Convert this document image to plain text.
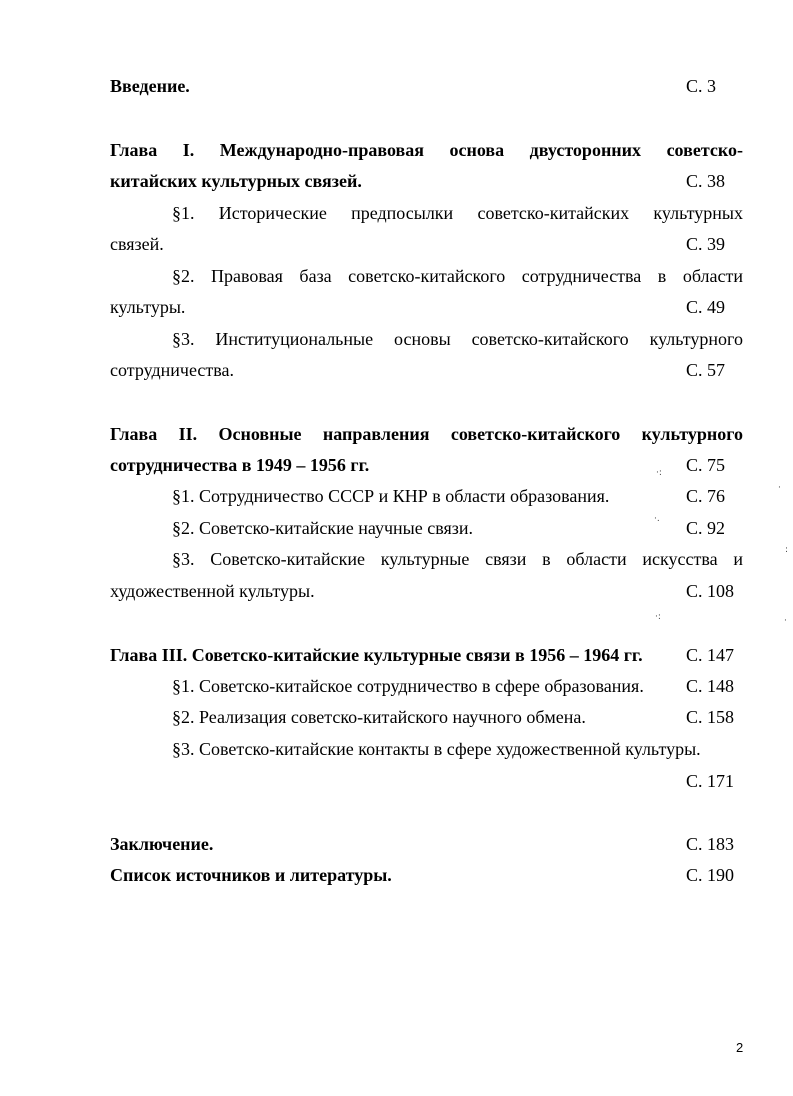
Введение.	С. 3
Глава I. Международно-правовая основа двусторонних советско-
китайских культурных связей.	С. 38
§1. Исторические предпосылки советско-китайских культурных
связей.	С. 39
§2. Правовая база советско-китайского сотрудничества в области
культуры.	С. 49
§3. Институциональные основы советско-китайского культурного
сотрудничества.	С. 57
Глава II. Основные направления советско-китайского культурного
сотрудничества в 1949 – 1956 гг.	С. 75
§1. Сотрудничество СССР и КНР в области образования.	С. 76
§2. Советско-китайские научные связи.	С. 92
§3. Советско-китайские культурные связи в области искусства и
художественной культуры.	С. 108
Глава III. Советско-китайские культурные связи в 1956 – 1964 гг. С. 147
§1. Советско-китайское сотрудничество в сфере образования. С. 148
§2. Реализация советско-китайского научного обмена.	С. 158
§3. Советско-китайские контакты в сфере художественной культуры.
С. 171
Заключение.	С. 183
Список источников и литературы.	С. 190
·:
·.
·:
·
:
·
2
